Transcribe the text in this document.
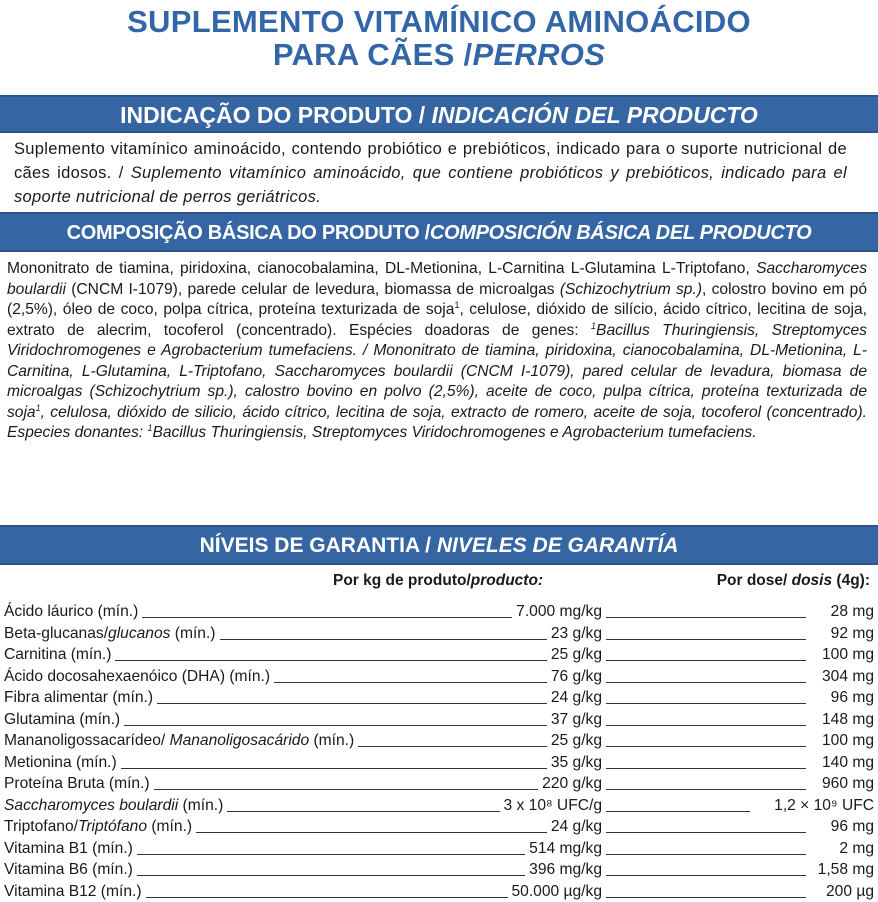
SUPLEMENTO VITAMÍNICO AMINOÁCIDO
PARA CÃES /PERROS
INDICAÇÃO DO PRODUTO / INDICACIÓN DEL PRODUCTO
Suplemento vitamínico aminoácido, contendo probiótico e prebióticos, indicado para o suporte nutricional de cães idosos. / Suplemento vitamínico aminoácido, que contiene probióticos y prebióticos, indicado para el soporte nutricional de perros geriátricos.
COMPOSIÇÃO BÁSICA DO PRODUTO /COMPOSICIÓN BÁSICA DEL PRODUCTO
Mononitrato de tiamina, piridoxina, cianocobalamina, DL-Metionina, L-Carnitina L-Glutamina L-Triptofano, Saccharomyces boulardii (CNCM I-1079), parede celular de levedura, biomassa de microalgas (Schizochytrium sp.), colostro bovino em pó (2,5%), óleo de coco, polpa cítrica, proteína texturizada de soja$^1$, celulose, dióxido de silício, ácido cítrico, lecitina de soja, extrato de alecrim, tocoferol (concentrado). Espécies doadoras de genes: $^1$Bacillus Thuringiensis, Streptomyces Viridochromogenes e Agrobacterium tumefaciens. / Mononitrato de tiamina, piridoxina, cianocobalamina, DL-Metionina, L-Carnitina, L-Glutamina, L-Triptofano, Saccharomyces boulardii (CNCM I-1079), pared celular de levadura, biomasa de microalgas (Schizochytrium sp.), calostro bovino en polvo (2,5%), aceite de coco, pulpa cítrica, proteína texturizada de soja$^1$, celulosa, dióxido de silicio, ácido cítrico, lecitina de soja, extracto de romero, aceite de soja, tocoferol (concentrado). Especies donantes: $^1$Bacillus Thuringiensis, Streptomyces Viridochromogenes e Agrobacterium tumefaciens.
NÍVEIS DE GARANTIA / NIVELES DE GARANTÍA
Por kg de produto/producto:	Por dose/ dosis (4g):
Ácido láurico (mín.)	7.000 mg/kg	28 mg
Beta-glucanas/glucanos (mín.)	23 g/kg	92 mg
Carnitina (mín.)	25 g/kg	100 mg
Ácido docosahexaenóico (DHA) (mín.)	76 g/kg	304 mg
Fibra alimentar (mín.)	24 g/kg	96 mg
Glutamina (mín.)	37 g/kg	148 mg
Mananoligossacarídeo/ Mananoligosacárido (mín.)	25 g/kg	100 mg
Metionina (mín.)	35 g/kg	140 mg
Proteína Bruta (mín.)	220 g/kg	960 mg
Saccharomyces boulardii (mín.)	3 x 10⁸ UFC/g	1,2 × 10⁹ UFC
Triptofano/Triptófano (mín.)	24 g/kg	96 mg
Vitamina B1 (mín.)	514 mg/kg	2 mg
Vitamina B6 (mín.)	396 mg/kg	1,58 mg
Vitamina B12 (mín.)	50.000 µg/kg	200 µg
